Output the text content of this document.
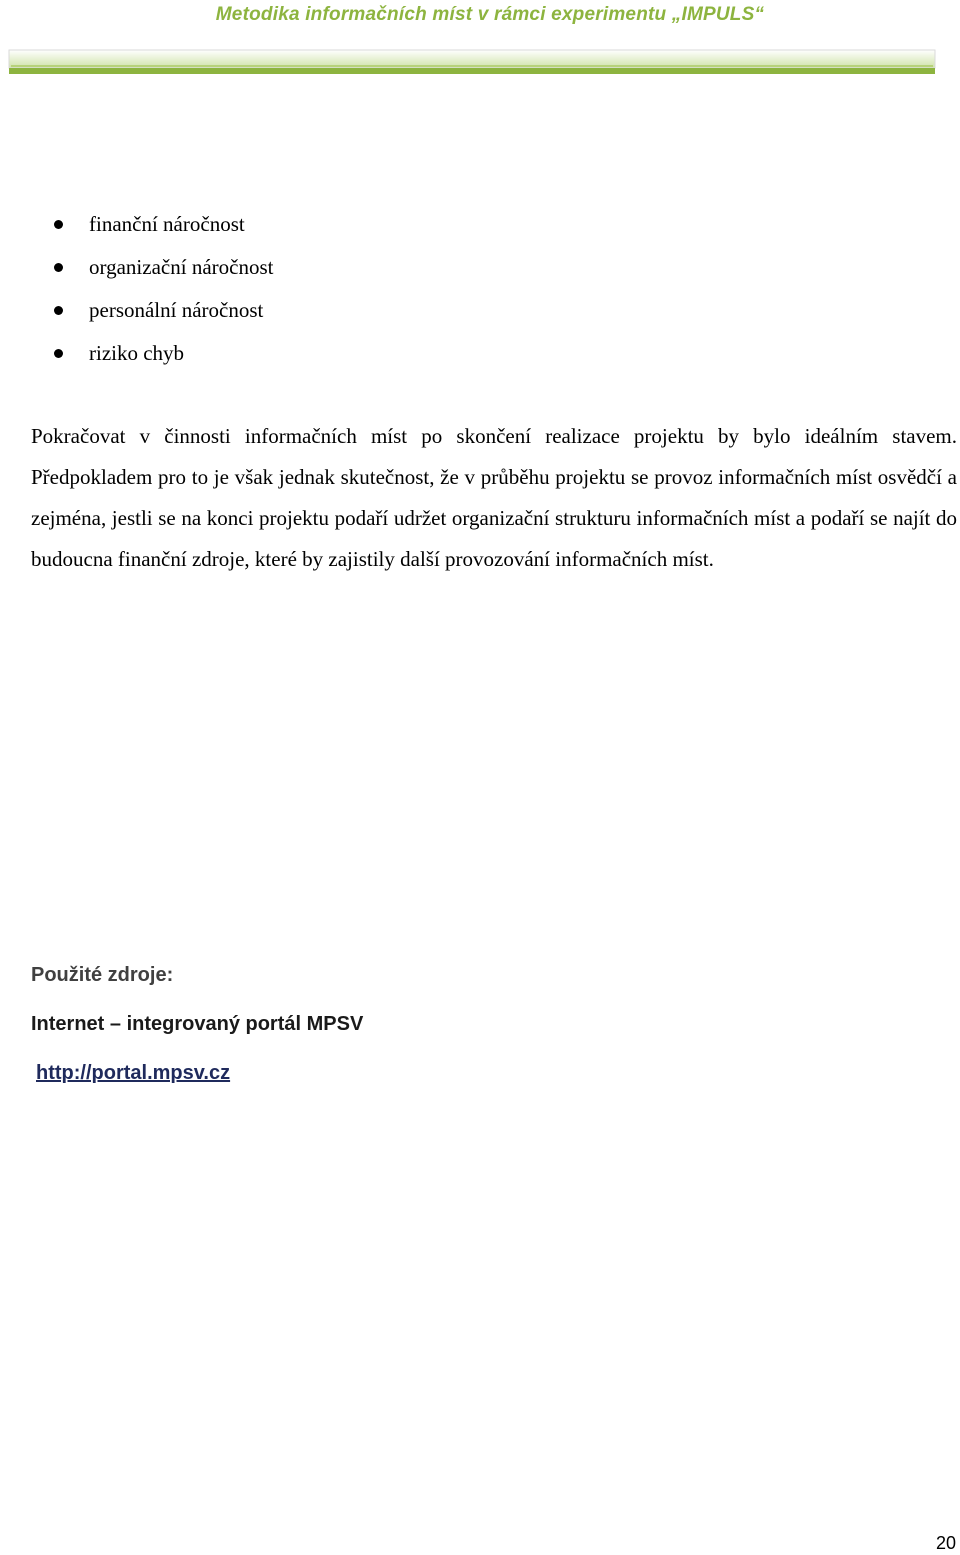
Metodika informačních míst v rámci experimentu „IMPULS“
finanční náročnost
organizační náročnost
personální náročnost
riziko chyb

Pokračovat v činnosti informačních míst po skončení realizace projektu by bylo ideálním stavem. Předpokladem pro to je však jednak skutečnost, že v průběhu projektu se provoz informačních míst osvědčí a zejména, jestli se na konci projektu podaří udržet organizační strukturu informačních míst a podaří se najít do budoucna finanční zdroje, které by zajistily další provozování informačních míst.

Použité zdroje:
Internet – integrovaný portál MPSV
http://portal.mpsv.cz
20
